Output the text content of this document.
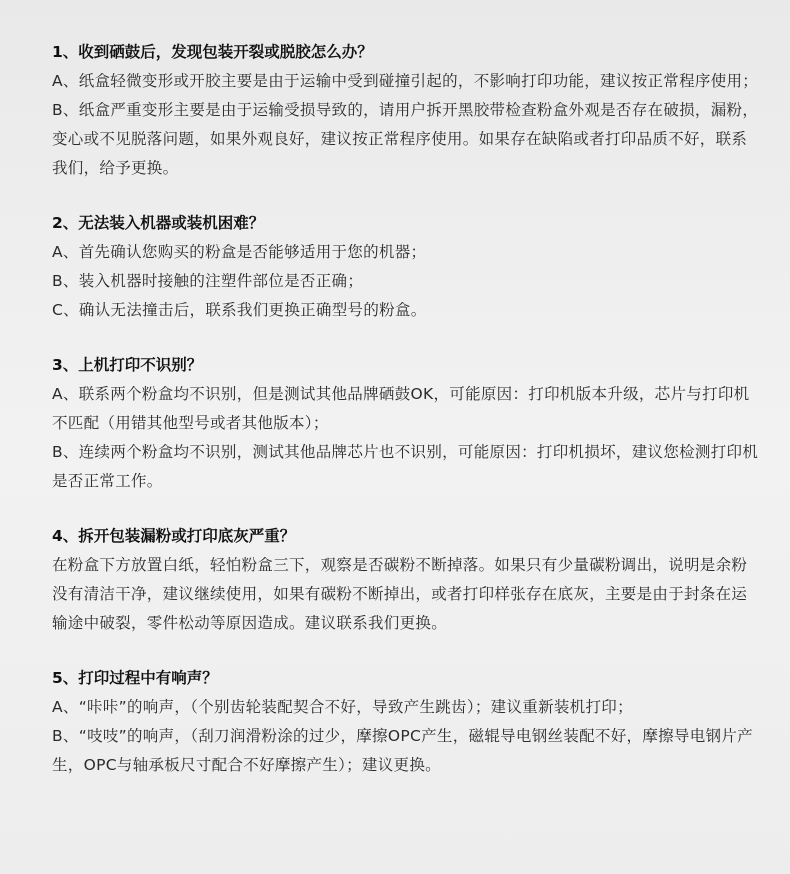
1、收到硒鼓后，发现包装开裂或脱胶怎么办？

A、纸盒轻微变形或开胶主要是由于运输中受到碰撞引起的，不影响打印功能，建议按正常程序使用；

B、纸盒严重变形主要是由于运输受损导致的，请用户拆开黑胶带检查粉盒外观是否存在破损，漏粉，变心或不见脱落问题，如果外观良好，建议按正常程序使用。如果存在缺陷或者打印品质不好，联系我们，给予更换。

2、无法装入机器或装机困难？

A、首先确认您购买的粉盒是否能够适用于您的机器；

B、装入机器时接触的注塑件部位是否正确；

C、确认无法撞击后，联系我们更换正确型号的粉盒。

3、上机打印不识别？

A、联系两个粉盒均不识别，但是测试其他品牌硒鼓OK，可能原因：打印机版本升级，芯片与打印机不匹配（用错其他型号或者其他版本）；

B、连续两个粉盒均不识别，测试其他品牌芯片也不识别，可能原因：打印机损坏，建议您检测打印机是否正常工作。

4、拆开包装漏粉或打印底灰严重？

在粉盒下方放置白纸，轻怕粉盒三下，观察是否碳粉不断掉落。如果只有少量碳粉调出，说明是余粉没有清洁干净，建议继续使用，如果有碳粉不断掉出，或者打印样张存在底灰，主要是由于封条在运输途中破裂，零件松动等原因造成。建议联系我们更换。

5、打印过程中有响声？

A、“咔咔”的响声，（个别齿轮装配契合不好，导致产生跳齿）；建议重新装机打印；

B、“吱吱”的响声，（刮刀润滑粉涂的过少，摩擦OPC产生，磁辊导电钢丝装配不好，摩擦导电钢片产生，OPC与轴承板尺寸配合不好摩擦产生）；建议更换。
